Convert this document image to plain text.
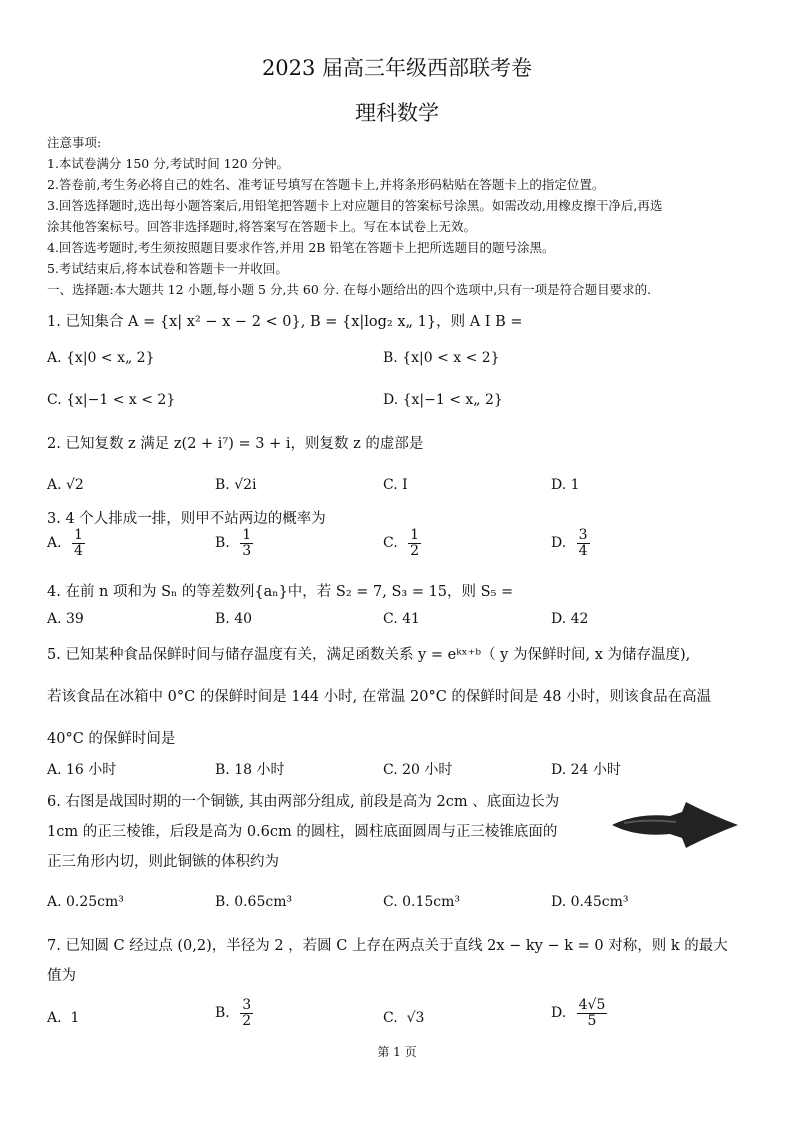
2023 届高三年级西部联考卷
理科数学
注意事项:
1.本试卷满分 150 分,考试时间 120 分钟。
2.答卷前,考生务必将自己的姓名、准考证号填写在答题卡上,并将条形码粘贴在答题卡上的指定位置。
3.回答选择题时,选出每小题答案后,用铅笔把答题卡上对应题目的答案标号涂黑。如需改动,用橡皮擦干净后,再选
涂其他答案标号。回答非选择题时,将答案写在答题卡上。写在本试卷上无效。
4.回答选考题时,考生须按照题目要求作答,并用 2B 铅笔在答题卡上把所选题目的题号涂黑。
5.考试结束后,将本试卷和答题卡一并收回。
一、选择题:本大题共 12 小题,每小题 5 分,共 60 分. 在每小题给出的四个选项中,只有一项是符合题目要求的.
1. 已知集合 A = {x| x² − x − 2 < 0}, B = {x|log₂ x„ 1}，则 A I B =
A. {x|0 < x„ 2}	B. {x|0 < x < 2}
C. {x|−1 < x < 2}	D. {x|−1 < x„ 2}
2. 已知复数 z 满足 z(2 + i⁷) = 3 + i，则复数 z 的虚部是
A. √2	B. √2i	C. I	D. 1
3. 4 个人排成一排，则甲不站两边的概率为
A. $\frac{1}{4}$	B. $\frac{1}{3}$	C. $\frac{1}{2}$	D. $\frac{3}{4}$
4. 在前 n 项和为 Sₙ 的等差数列{aₙ}中，若 S₂ = 7, S₃ = 15，则 S₅ =
A. 39	B. 40	C. 41	D. 42
5. 已知某种食品保鲜时间与储存温度有关，满足函数关系 y = eᵏˣ⁺ᵇ（ y 为保鲜时间, x 为储存温度),
若该食品在冰箱中 0°C 的保鲜时间是 144 小时, 在常温 20°C 的保鲜时间是 48 小时，则该食品在高温
40°C 的保鲜时间是
A. 16 小时	B. 18 小时	C. 20 小时	D. 24 小时
6. 右图是战国时期的一个铜镞, 其由两部分组成, 前段是高为 2cm 、底面边长为
1cm 的正三棱锥，后段是高为 0.6cm 的圆柱，圆柱底面圆周与正三棱锥底面的
正三角形内切，则此铜镞的体积约为
A. 0.25cm³	B. 0.65cm³	C. 0.15cm³	D. 0.45cm³
7. 已知圆 C 经过点 (0,2)，半径为 2 ，若圆 C 上存在两点关于直线 2x − ky − k = 0 对称，则 k 的最大
值为
A. 1	B. $\frac{3}{2}$	C. √3	D. $\frac{4√5}{5}$
第 1 页
